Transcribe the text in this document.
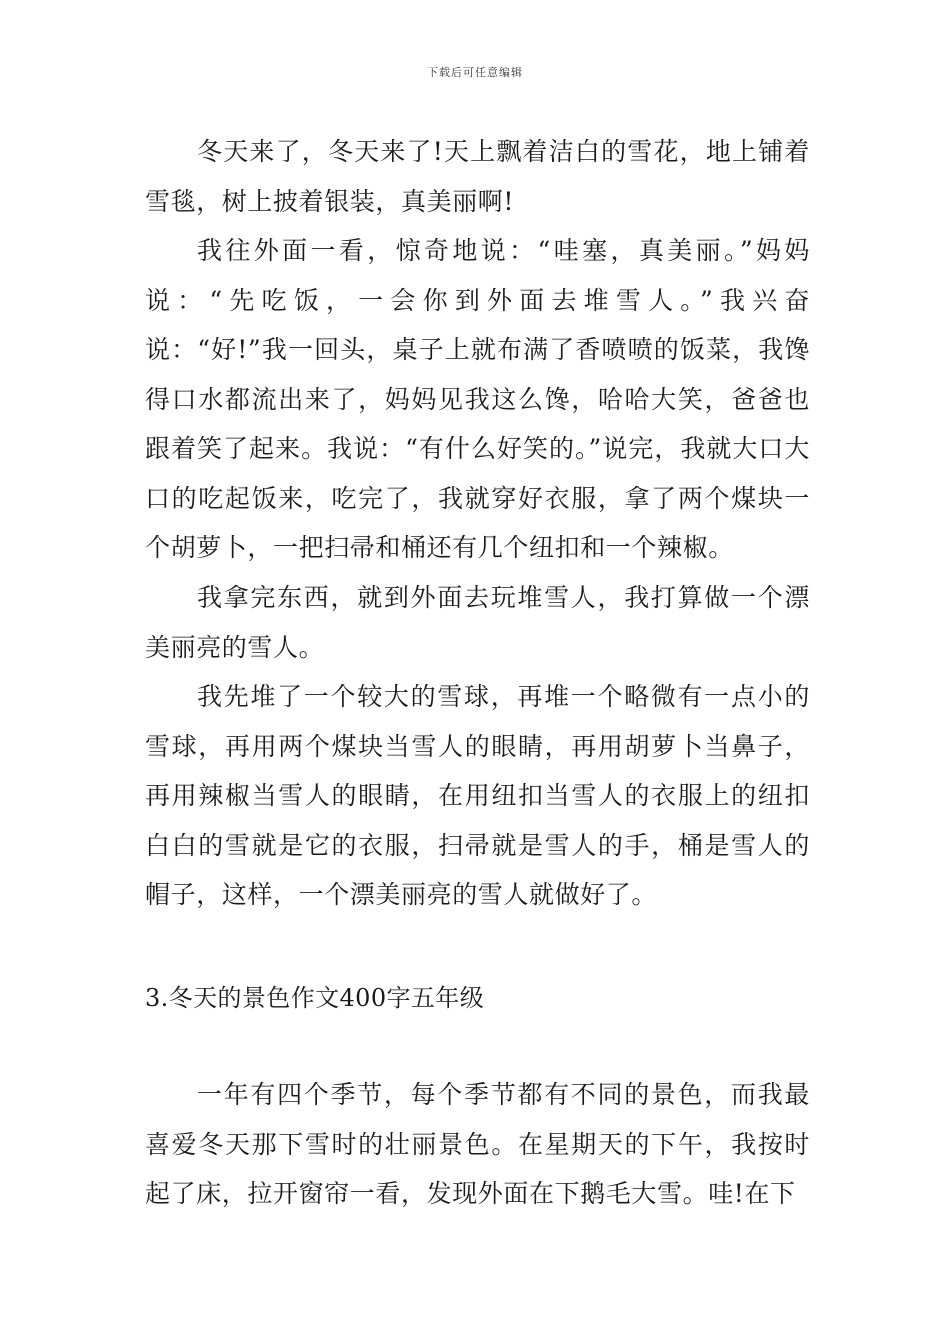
下载后可任意编辑

冬天来了，冬天来了!天上飘着洁白的雪花，地上铺着雪毯，树上披着银装，真美丽啊!

我往外面一看，惊奇地说：“哇塞，真美丽。”妈妈说：“先吃饭，一会你到外面去堆雪人。”我兴奋说：“好!”我一回头，桌子上就布满了香喷喷的饭菜，我馋得口水都流出来了，妈妈见我这么馋，哈哈大笑，爸爸也跟着笑了起来。我说：“有什么好笑的。”说完，我就大口大口的吃起饭来，吃完了，我就穿好衣服，拿了两个煤块一个胡萝卜，一把扫帚和桶还有几个纽扣和一个辣椒。

我拿完东西，就到外面去玩堆雪人，我打算做一个漂美丽亮的雪人。

我先堆了一个较大的雪球，再堆一个略微有一点小的雪球，再用两个煤块当雪人的眼睛，再用胡萝卜当鼻子，再用辣椒当雪人的眼睛，在用纽扣当雪人的衣服上的纽扣白白的雪就是它的衣服，扫帚就是雪人的手，桶是雪人的帽子，这样，一个漂美丽亮的雪人就做好了。

3.冬天的景色作文400字五年级

一年有四个季节，每个季节都有不同的景色，而我最喜爱冬天那下雪时的壮丽景色。在星期天的下午，我按时起了床，拉开窗帘一看，发现外面在下鹅毛大雪。哇!在下
